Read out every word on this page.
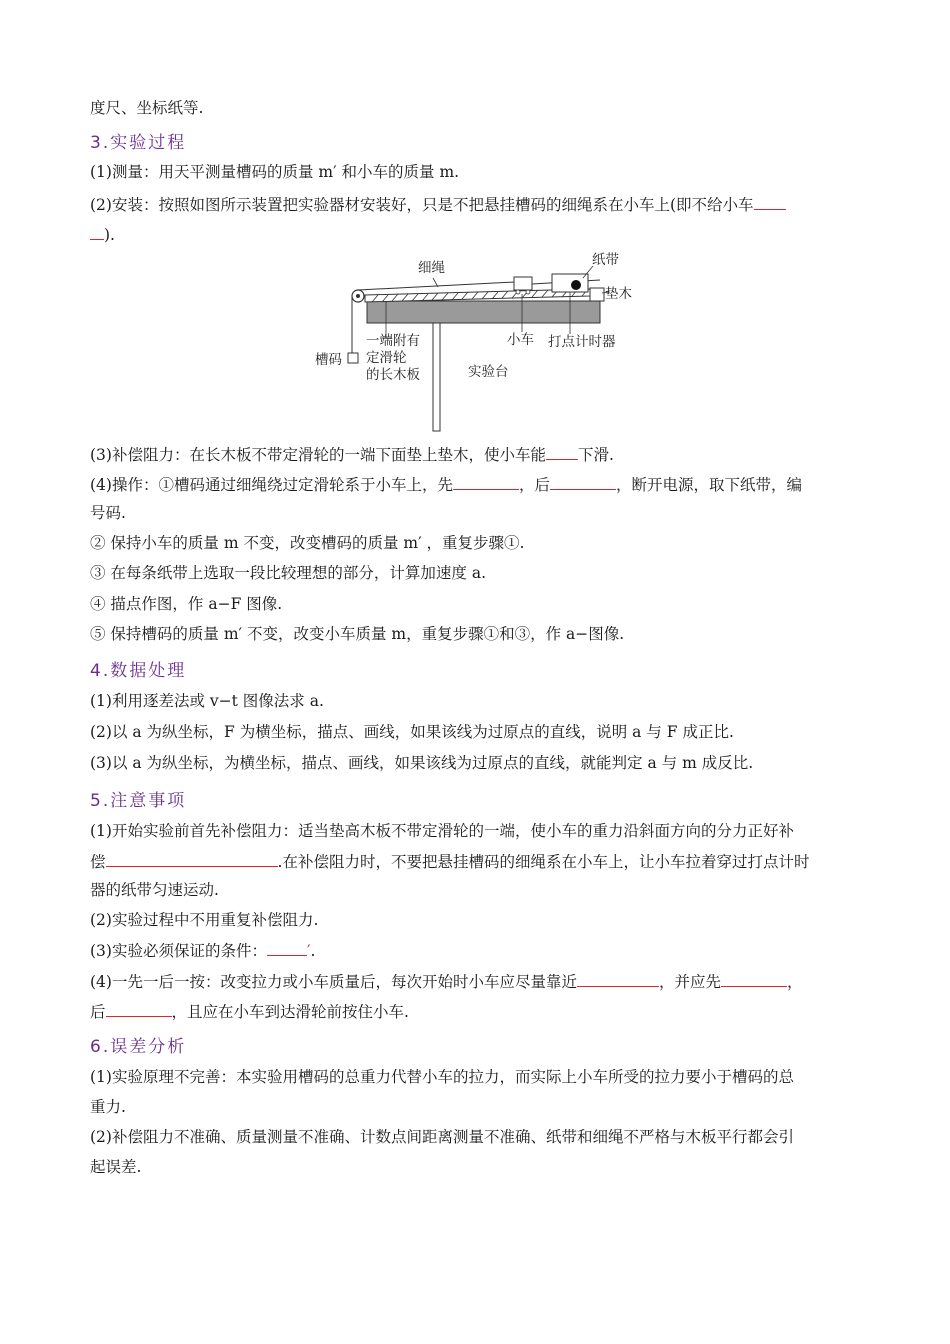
度尺、坐标纸等.
3.实验过程
(1)测量：用天平测量槽码的质量 m′ 和小车的质量 m.
(2)安装：按照如图所示装置把实验器材安装好，只是不把悬挂槽码的细绳系在小车上(即不给小车
).
细绳	纸带
垫木
槽码
一端附有
定滑轮
的长木板
小车 打点计时器
实验台
(3)补偿阻力：在长木板不带定滑轮的一端下面垫上垫木，使小车能 下滑.
(4)操作：①槽码通过细绳绕过定滑轮系于小车上，先	，后	，断开电源，取下纸带，编
号码.
② 保持小车的质量 m 不变，改变槽码的质量 m′ ，重复步骤①.
③ 在每条纸带上选取一段比较理想的部分，计算加速度 a.
④ 描点作图，作 a−F 图像.
⑤ 保持槽码的质量 m′ 不变，改变小车质量 m，重复步骤①和③，作 a−图像.
4.数据处理
(1)利用逐差法或 v−t 图像法求 a.
(2)以 a 为纵坐标，F 为横坐标，描点、画线，如果该线为过原点的直线，说明 a 与 F 成正比.
(3)以 a 为纵坐标，为横坐标，描点、画线，如果该线为过原点的直线，就能判定 a 与 m 成反比.
5.注意事项
(1)开始实验前首先补偿阻力：适当垫高木板不带定滑轮的一端，使小车的重力沿斜面方向的分力正好补
偿	.在补偿阻力时，不要把悬挂槽码的细绳系在小车上，让小车拉着穿过打点计时
器的纸带匀速运动.
(2)实验过程中不用重复补偿阻力.
(3)实验必须保证的条件：	′.
(4)一先一后一按：改变拉力或小车质量后，每次开始时小车应尽量靠近	，并应先	，
后	，且应在小车到达滑轮前按住小车.
6.误差分析
(1)实验原理不完善：本实验用槽码的总重力代替小车的拉力，而实际上小车所受的拉力要小于槽码的总
重力.
(2)补偿阻力不准确、质量测量不准确、计数点间距离测量不准确、纸带和细绳不严格与木板平行都会引
起误差.
